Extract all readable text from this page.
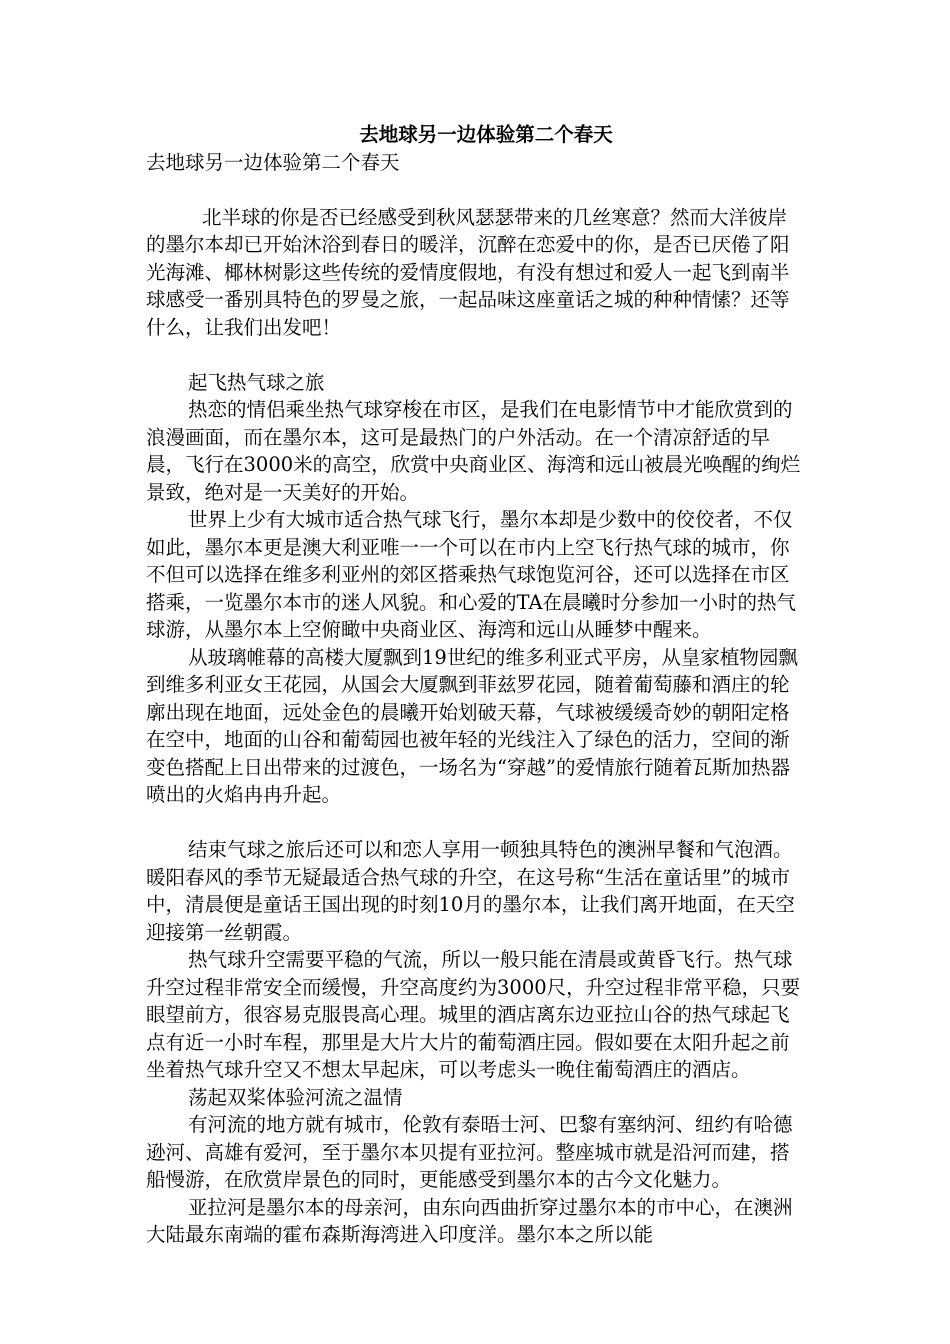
去地球另一边体验第二个春天

去地球另一边体验第二个春天

北半球的你是否已经感受到秋风瑟瑟带来的几丝寒意？然而大洋彼岸的墨尔本却已开始沐浴到春日的暖洋，沉醉在恋爱中的你，是否已厌倦了阳光海滩、椰林树影这些传统的爱情度假地，有没有想过和爱人一起飞到南半球感受一番别具特色的罗曼之旅，一起品味这座童话之城的种种情愫？还等什么，让我们出发吧！

起飞热气球之旅

热恋的情侣乘坐热气球穿梭在市区，是我们在电影情节中才能欣赏到的浪漫画面，而在墨尔本，这可是最热门的户外活动。在一个清凉舒适的早晨，飞行在3000米的高空，欣赏中央商业区、海湾和远山被晨光唤醒的绚烂景致，绝对是一天美好的开始。

世界上少有大城市适合热气球飞行，墨尔本却是少数中的佼佼者，不仅如此，墨尔本更是澳大利亚唯一一个可以在市内上空飞行热气球的城市，你不但可以选择在维多利亚州的郊区搭乘热气球饱览河谷，还可以选择在市区搭乘，一览墨尔本市的迷人风貌。和心爱的TA在晨曦时分参加一小时的热气球游，从墨尔本上空俯瞰中央商业区、海湾和远山从睡梦中醒来。

从玻璃帷幕的高楼大厦飘到19世纪的维多利亚式平房，从皇家植物园飘到维多利亚女王花园，从国会大厦飘到菲兹罗花园，随着葡萄藤和酒庄的轮廓出现在地面，远处金色的晨曦开始划破天幕，气球被缓缓奇妙的朝阳定格在空中，地面的山谷和葡萄园也被年轻的光线注入了绿色的活力，空间的渐变色搭配上日出带来的过渡色，一场名为“穿越”的爱情旅行随着瓦斯加热器喷出的火焰冉冉升起。

结束气球之旅后还可以和恋人享用一顿独具特色的澳洲早餐和气泡酒。暖阳春风的季节无疑最适合热气球的升空，在这号称“生活在童话里”的城市中，清晨便是童话王国出现的时刻10月的墨尔本，让我们离开地面，在天空迎接第一丝朝霞。

热气球升空需要平稳的气流，所以一般只能在清晨或黄昏飞行。热气球升空过程非常安全而缓慢，升空高度约为3000尺，升空过程非常平稳，只要眼望前方，很容易克服畏高心理。城里的酒店离东边亚拉山谷的热气球起飞点有近一小时车程，那里是大片大片的葡萄酒庄园。假如要在太阳升起之前坐着热气球升空又不想太早起床，可以考虑头一晚住葡萄酒庄的酒店。

荡起双桨体验河流之温情

有河流的地方就有城市，伦敦有泰晤士河、巴黎有塞纳河、纽约有哈德逊河、高雄有爱河，至于墨尔本贝提有亚拉河。整座城市就是沿河而建，搭船慢游，在欣赏岸景色的同时，更能感受到墨尔本的古今文化魅力。

亚拉河是墨尔本的母亲河，由东向西曲折穿过墨尔本的市中心，在澳洲大陆最东南端的霍布森斯海湾进入印度洋。墨尔本之所以能
